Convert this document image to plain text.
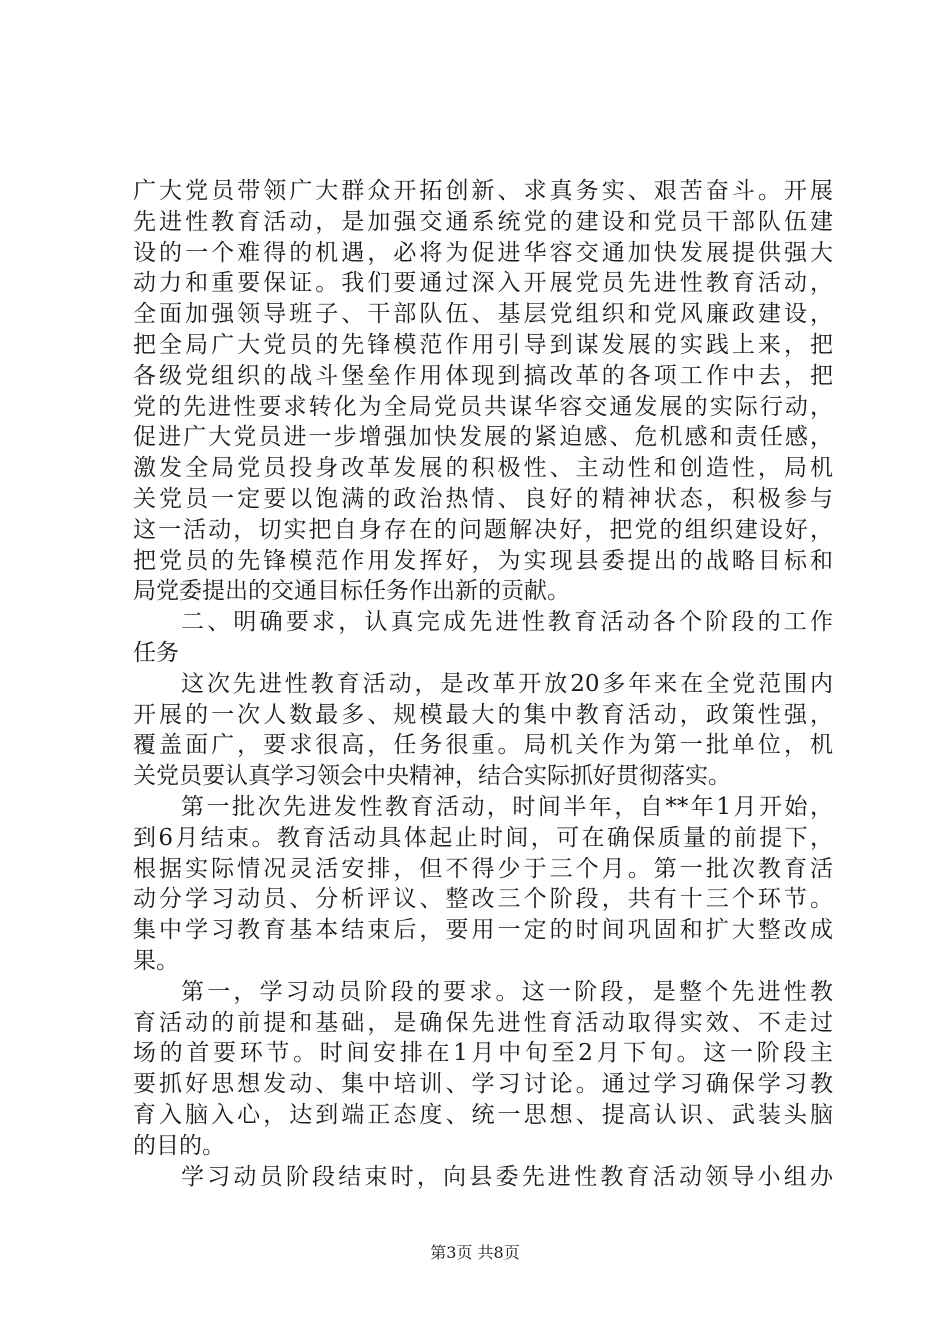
广大党员带领广大群众开拓创新、求真务实、艰苦奋斗。开展
先进性教育活动，是加强交通系统党的建设和党员干部队伍建
设的一个难得的机遇，必将为促进华容交通加快发展提供强大
动力和重要保证。我们要通过深入开展党员先进性教育活动，
全面加强领导班子、干部队伍、基层党组织和党风廉政建设，
把全局广大党员的先锋模范作用引导到谋发展的实践上来，把
各级党组织的战斗堡垒作用体现到搞改革的各项工作中去，把
党的先进性要求转化为全局党员共谋华容交通发展的实际行动，
促进广大党员进一步增强加快发展的紧迫感、危机感和责任感，
激发全局党员投身改革发展的积极性、主动性和创造性，局机
关党员一定要以饱满的政治热情、良好的精神状态，积极参与
这一活动，切实把自身存在的问题解决好，把党的组织建设好，
把党员的先锋模范作用发挥好，为实现县委提出的战略目标和
局党委提出的交通目标任务作出新的贡献。
二、明确要求，认真完成先进性教育活动各个阶段的工作
任务
这次先进性教育活动，是改革开放20多年来在全党范围内
开展的一次人数最多、规模最大的集中教育活动，政策性强，
覆盖面广，要求很高，任务很重。局机关作为第一批单位，机
关党员要认真学习领会中央精神，结合实际抓好贯彻落实。
第一批次先进发性教育活动，时间半年，自**年1月开始，
到6月结束。教育活动具体起止时间，可在确保质量的前提下，
根据实际情况灵活安排，但不得少于三个月。第一批次教育活
动分学习动员、分析评议、整改三个阶段，共有十三个环节。
集中学习教育基本结束后，要用一定的时间巩固和扩大整改成
果。
第一，学习动员阶段的要求。这一阶段，是整个先进性教
育活动的前提和基础，是确保先进性育活动取得实效、不走过
场的首要环节。时间安排在1月中旬至2月下旬。这一阶段主
要抓好思想发动、集中培训、学习讨论。通过学习确保学习教
育入脑入心，达到端正态度、统一思想、提高认识、武装头脑
的目的。
学习动员阶段结束时，向县委先进性教育活动领导小组办
第3页 共8页
